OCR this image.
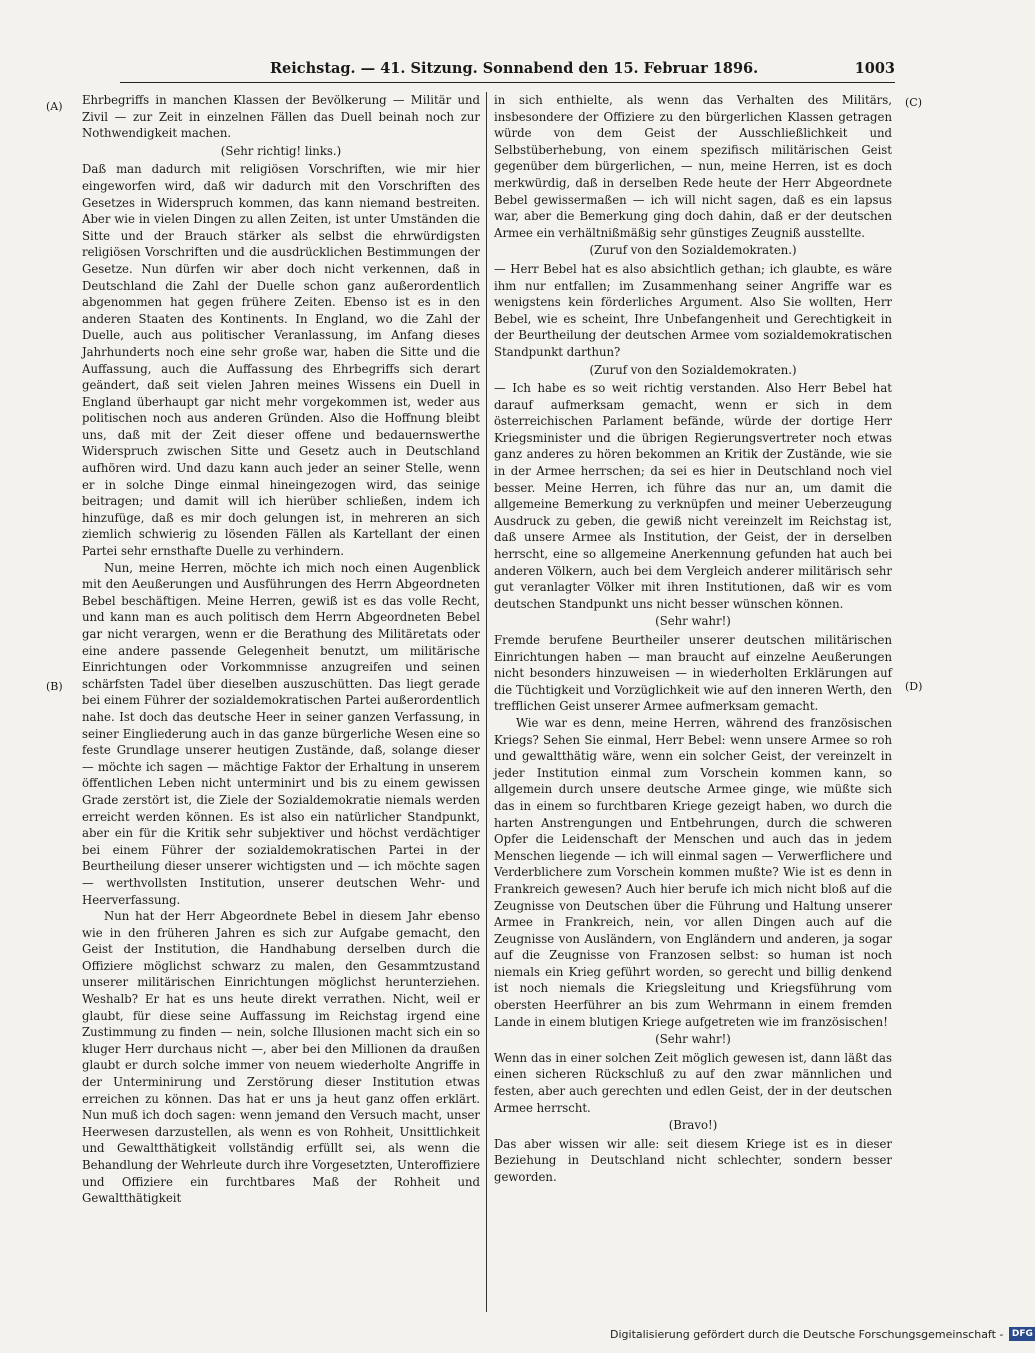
Reichstag. — 41. Sitzung. Sonnabend den 15. Februar 1896.	1003
(A)
(B)
(C)
(D)

Ehrbegriffs in manchen Klassen der Bevölkerung — Militär und Zivil — zur Zeit in einzelnen Fällen das Duell beinah noch zur Nothwendigkeit machen.

(Sehr richtig! links.)

Daß man dadurch mit religiösen Vorschriften, wie mir hier eingeworfen wird, daß wir dadurch mit den Vorschriften des Gesetzes in Widerspruch kommen, das kann niemand bestreiten. Aber wie in vielen Dingen zu allen Zeiten, ist unter Umständen die Sitte und der Brauch stärker als selbst die ehrwürdigsten religiösen Vorschriften und die ausdrücklichen Bestimmungen der Gesetze. Nun dürfen wir aber doch nicht verkennen, daß in Deutschland die Zahl der Duelle schon ganz außerordentlich abgenommen hat gegen frühere Zeiten. Ebenso ist es in den anderen Staaten des Kontinents. In England, wo die Zahl der Duelle, auch aus politischer Veranlassung, im Anfang dieses Jahrhunderts noch eine sehr große war, haben die Sitte und die Auffassung, auch die Auffassung des Ehrbegriffs sich derart geändert, daß seit vielen Jahren meines Wissens ein Duell in England überhaupt gar nicht mehr vorgekommen ist, weder aus politischen noch aus anderen Gründen. Also die Hoffnung bleibt uns, daß mit der Zeit dieser offene und bedauernswerthe Widerspruch zwischen Sitte und Gesetz auch in Deutschland aufhören wird. Und dazu kann auch jeder an seiner Stelle, wenn er in solche Dinge einmal hineingezogen wird, das seinige beitragen; und damit will ich hierüber schließen, indem ich hinzufüge, daß es mir doch gelungen ist, in mehreren an sich ziemlich schwierig zu lösenden Fällen als Kartellant der einen Partei sehr ernsthafte Duelle zu verhindern.

Nun, meine Herren, möchte ich mich noch einen Augenblick mit den Aeußerungen und Ausführungen des Herrn Abgeordneten Bebel beschäftigen. Meine Herren, gewiß ist es das volle Recht, und kann man es auch politisch dem Herrn Abgeordneten Bebel gar nicht verargen, wenn er die Berathung des Militäretats oder eine andere passende Gelegenheit benutzt, um militärische Einrichtungen oder Vorkommnisse anzugreifen und seinen schärfsten Tadel über dieselben auszuschütten. Das liegt gerade bei einem Führer der sozialdemokratischen Partei außerordentlich nahe. Ist doch das deutsche Heer in seiner ganzen Verfassung, in seiner Eingliederung auch in das ganze bürgerliche Wesen eine so feste Grundlage unserer heutigen Zustände, daß, solange dieser — möchte ich sagen — mächtige Faktor der Erhaltung in unserem öffentlichen Leben nicht unterminirt und bis zu einem gewissen Grade zerstört ist, die Ziele der Sozialdemokratie niemals werden erreicht werden können. Es ist also ein natürlicher Standpunkt, aber ein für die Kritik sehr subjektiver und höchst verdächtiger bei einem Führer der sozialdemokratischen Partei in der Beurtheilung dieser unserer wichtigsten und — ich möchte sagen — werthvollsten Institution, unserer deutschen Wehr- und Heerverfassung.

Nun hat der Herr Abgeordnete Bebel in diesem Jahr ebenso wie in den früheren Jahren es sich zur Aufgabe gemacht, den Geist der Institution, die Handhabung derselben durch die Offiziere möglichst schwarz zu malen, den Gesammtzustand unserer militärischen Einrichtungen möglichst herunterziehen. Weshalb? Er hat es uns heute direkt verrathen. Nicht, weil er glaubt, für diese seine Auffassung im Reichstag irgend eine Zustimmung zu finden — nein, solche Illusionen macht sich ein so kluger Herr durchaus nicht —, aber bei den Millionen da draußen glaubt er durch solche immer von neuem wiederholte Angriffe in der Unterminirung und Zerstörung dieser Institution etwas erreichen zu können. Das hat er uns ja heut ganz offen erklärt. Nun muß ich doch sagen: wenn jemand den Versuch macht, unser Heerwesen darzustellen, als wenn es von Rohheit, Unsittlichkeit und Gewaltthätigkeit vollständig erfüllt sei, als wenn die Behandlung der Wehrleute durch ihre Vorgesetzten, Unteroffiziere und Offiziere ein furchtbares Maß der Rohheit und Gewaltthätigkeit

in sich enthielte, als wenn das Verhalten des Militärs, insbesondere der Offiziere zu den bürgerlichen Klassen getragen würde von dem Geist der Ausschließlichkeit und Selbstüberhebung, von einem spezifisch militärischen Geist gegenüber dem bürgerlichen, — nun, meine Herren, ist es doch merkwürdig, daß in derselben Rede heute der Herr Abgeordnete Bebel gewissermaßen — ich will nicht sagen, daß es ein lapsus war, aber die Bemerkung ging doch dahin, daß er der deutschen Armee ein verhältnißmäßig sehr günstiges Zeugniß ausstellte.

(Zuruf von den Sozialdemokraten.)

— Herr Bebel hat es also absichtlich gethan; ich glaubte, es wäre ihm nur entfallen; im Zusammenhang seiner Angriffe war es wenigstens kein förderliches Argument. Also Sie wollten, Herr Bebel, wie es scheint, Ihre Unbefangenheit und Gerechtigkeit in der Beurtheilung der deutschen Armee vom sozialdemokratischen Standpunkt darthun?

(Zuruf von den Sozialdemokraten.)

— Ich habe es so weit richtig verstanden. Also Herr Bebel hat darauf aufmerksam gemacht, wenn er sich in dem österreichischen Parlament befände, würde der dortige Herr Kriegsminister und die übrigen Regierungsvertreter noch etwas ganz anderes zu hören bekommen an Kritik der Zustände, wie sie in der Armee herrschen; da sei es hier in Deutschland noch viel besser. Meine Herren, ich führe das nur an, um damit die allgemeine Bemerkung zu verknüpfen und meiner Ueberzeugung Ausdruck zu geben, die gewiß nicht vereinzelt im Reichstag ist, daß unsere Armee als Institution, der Geist, der in derselben herrscht, eine so allgemeine Anerkennung gefunden hat auch bei anderen Völkern, auch bei dem Vergleich anderer militärisch sehr gut veranlagter Völker mit ihren Institutionen, daß wir es vom deutschen Standpunkt uns nicht besser wünschen können.

(Sehr wahr!)

Fremde berufene Beurtheiler unserer deutschen militärischen Einrichtungen haben — man braucht auf einzelne Aeußerungen nicht besonders hinzuweisen — in wiederholten Erklärungen auf die Tüchtigkeit und Vorzüglichkeit wie auf den inneren Werth, den trefflichen Geist unserer Armee aufmerksam gemacht.

Wie war es denn, meine Herren, während des französischen Kriegs? Sehen Sie einmal, Herr Bebel: wenn unsere Armee so roh und gewaltthätig wäre, wenn ein solcher Geist, der vereinzelt in jeder Institution einmal zum Vorschein kommen kann, so allgemein durch unsere deutsche Armee ginge, wie müßte sich das in einem so furchtbaren Kriege gezeigt haben, wo durch die harten Anstrengungen und Entbehrungen, durch die schweren Opfer die Leidenschaft der Menschen und auch das in jedem Menschen liegende — ich will einmal sagen — Verwerflichere und Verderblichere zum Vorschein kommen mußte? Wie ist es denn in Frankreich gewesen? Auch hier berufe ich mich nicht bloß auf die Zeugnisse von Deutschen über die Führung und Haltung unserer Armee in Frankreich, nein, vor allen Dingen auch auf die Zeugnisse von Ausländern, von Engländern und anderen, ja sogar auf die Zeugnisse von Franzosen selbst: so human ist noch niemals ein Krieg geführt worden, so gerecht und billig denkend ist noch niemals die Kriegsleitung und Kriegsführung vom obersten Heerführer an bis zum Wehrmann in einem fremden Lande in einem blutigen Kriege aufgetreten wie im französischen!

(Sehr wahr!)

Wenn das in einer solchen Zeit möglich gewesen ist, dann läßt das einen sicheren Rückschluß zu auf den zwar männlichen und festen, aber auch gerechten und edlen Geist, der in der deutschen Armee herrscht.

(Bravo!)

Das aber wissen wir alle: seit diesem Kriege ist es in dieser Beziehung in Deutschland nicht schlechter, sondern besser geworden.

Digitalisierung gefördert durch die Deutsche Forschungsgemeinschaft - DFG
